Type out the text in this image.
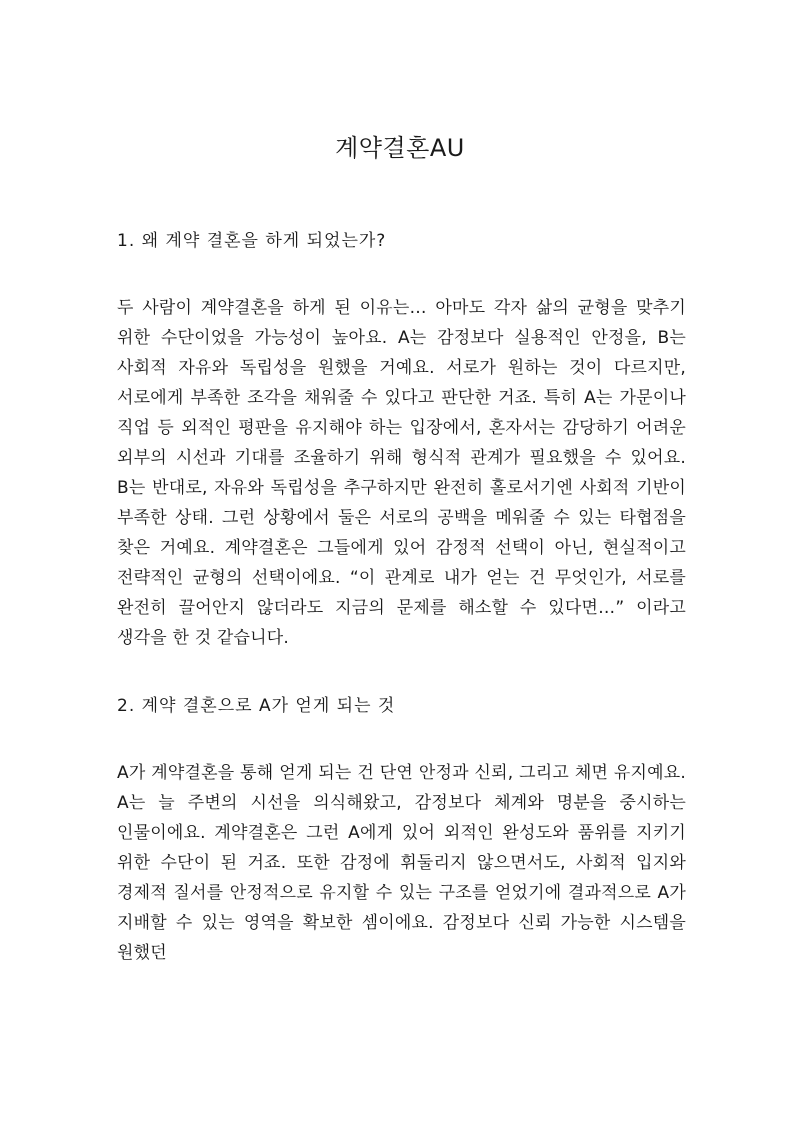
계약결혼AU
1. 왜 계약 결혼을 하게 되었는가?

두 사람이 계약결혼을 하게 된 이유는… 아마도 각자 삶의 균형을 맞추기 위한 수단이었을 가능성이 높아요. A는 감정보다 실용적인 안정을, B는 사회적 자유와 독립성을 원했을 거예요. 서로가 원하는 것이 다르지만, 서로에게 부족한 조각을 채워줄 수 있다고 판단한 거죠. 특히 A는 가문이나 직업 등 외적인 평판을 유지해야 하는 입장에서, 혼자서는 감당하기 어려운 외부의 시선과 기대를 조율하기 위해 형식적 관계가 필요했을 수 있어요. B는 반대로, 자유와 독립성을 추구하지만 완전히 홀로서기엔 사회적 기반이 부족한 상태. 그런 상황에서 둘은 서로의 공백을 메워줄 수 있는 타협점을 찾은 거예요. 계약결혼은 그들에게 있어 감정적 선택이 아닌, 현실적이고 전략적인 균형의 선택이에요. “이 관계로 내가 얻는 건 무엇인가, 서로를 완전히 끌어안지 않더라도 지금의 문제를 해소할 수 있다면…” 이라고 생각을 한 것 같습니다.

2. 계약 결혼으로 A가 얻게 되는 것

A가 계약결혼을 통해 얻게 되는 건 단연 안정과 신뢰, 그리고 체면 유지예요. A는 늘 주변의 시선을 의식해왔고, 감정보다 체계와 명분을 중시하는 인물이에요. 계약결혼은 그런 A에게 있어 외적인 완성도와 품위를 지키기 위한 수단이 된 거죠. 또한 감정에 휘둘리지 않으면서도, 사회적 입지와 경제적 질서를 안정적으로 유지할 수 있는 구조를 얻었기에 결과적으로 A가 지배할 수 있는 영역을 확보한 셈이에요. 감정보다 신뢰 가능한 시스템을 원했던
